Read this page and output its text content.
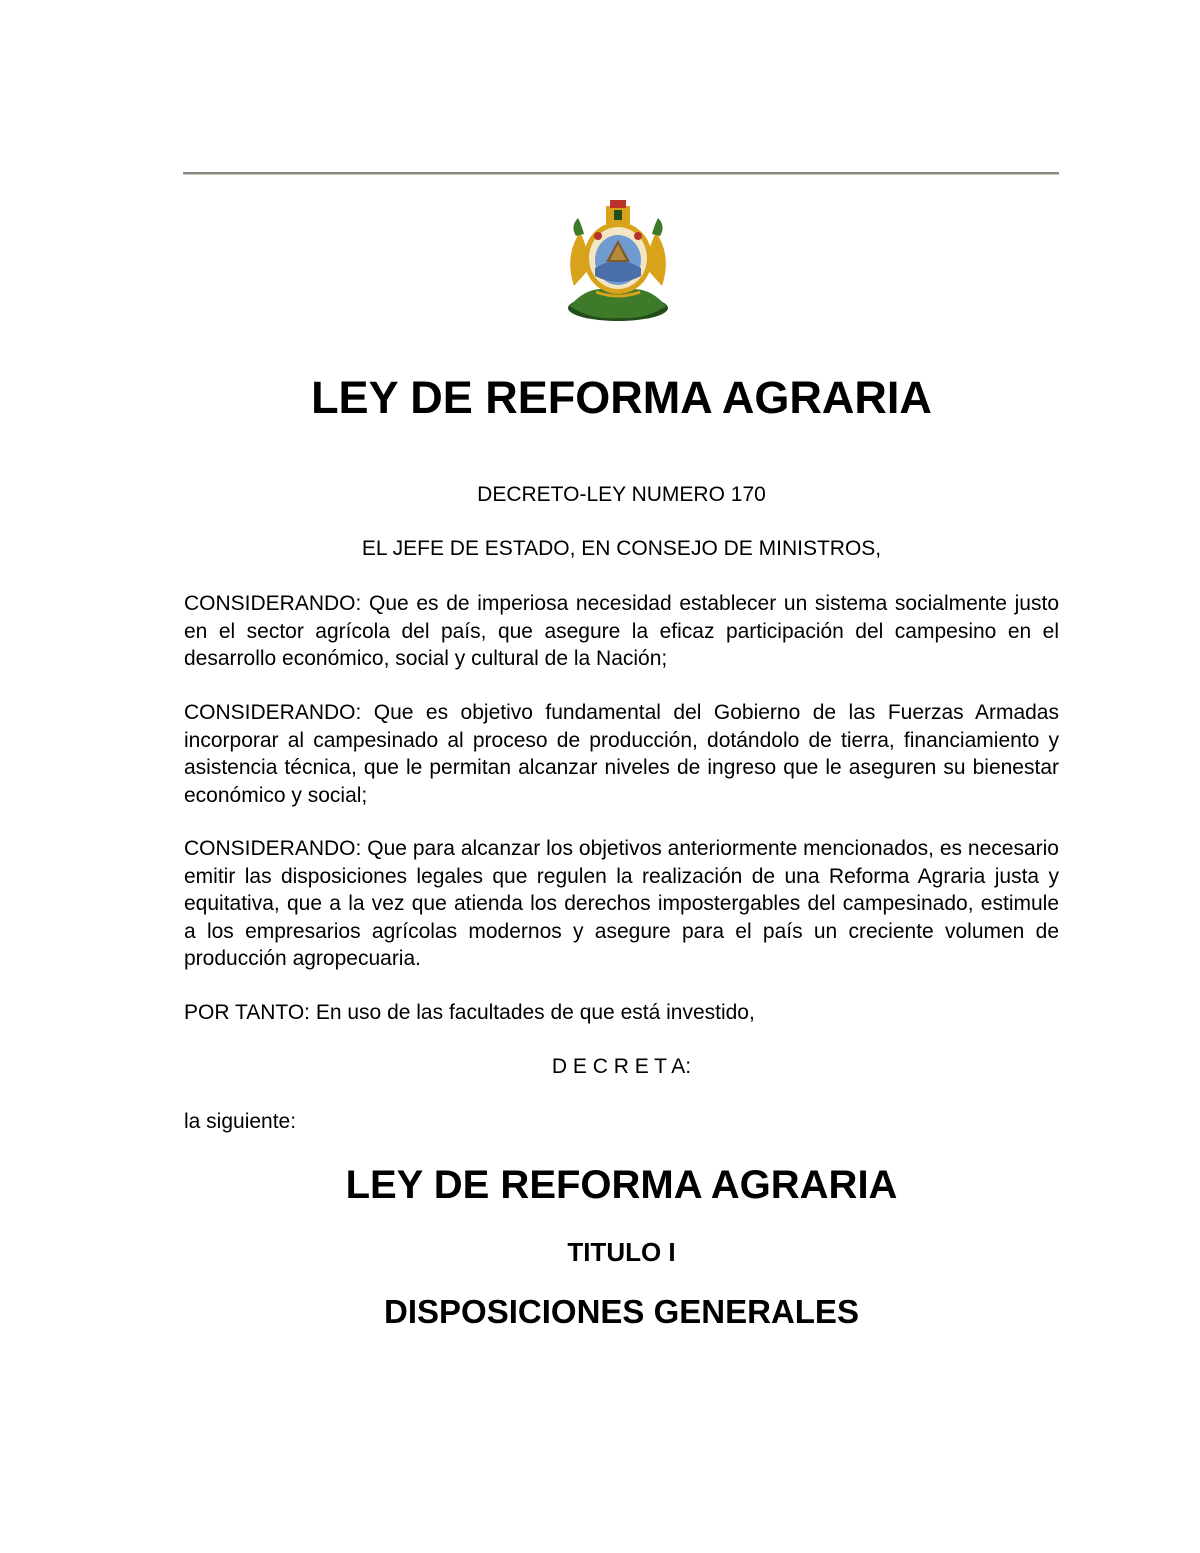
LEY DE REFORMA AGRARIA

DECRETO-LEY NUMERO 170

EL JEFE DE ESTADO, EN CONSEJO DE MINISTROS,

CONSIDERANDO: Que es de imperiosa necesidad establecer un sistema socialmente justo en el sector agrícola del país, que asegure la eficaz participación del campesino en el desarrollo económico, social y cultural de la Nación;

CONSIDERANDO: Que es objetivo fundamental del Gobierno de las Fuerzas Armadas incorporar al campesinado al proceso de producción, dotándolo de tierra, financiamiento y asistencia técnica, que le permitan alcanzar niveles de ingreso que le aseguren su bienestar económico y social;

CONSIDERANDO: Que para alcanzar los objetivos anteriormente mencionados, es necesario emitir las disposiciones legales que regulen la realización de una Reforma Agraria justa y equitativa, que a la vez que atienda los derechos impostergables del campesinado, estimule a los empresarios agrícolas modernos y asegure para el país un creciente volumen de producción agropecuaria.

POR TANTO: En uso de las facultades de que está investido,

D E C R E T A:

la siguiente:

LEY DE REFORMA AGRARIA
TITULO I
DISPOSICIONES GENERALES
